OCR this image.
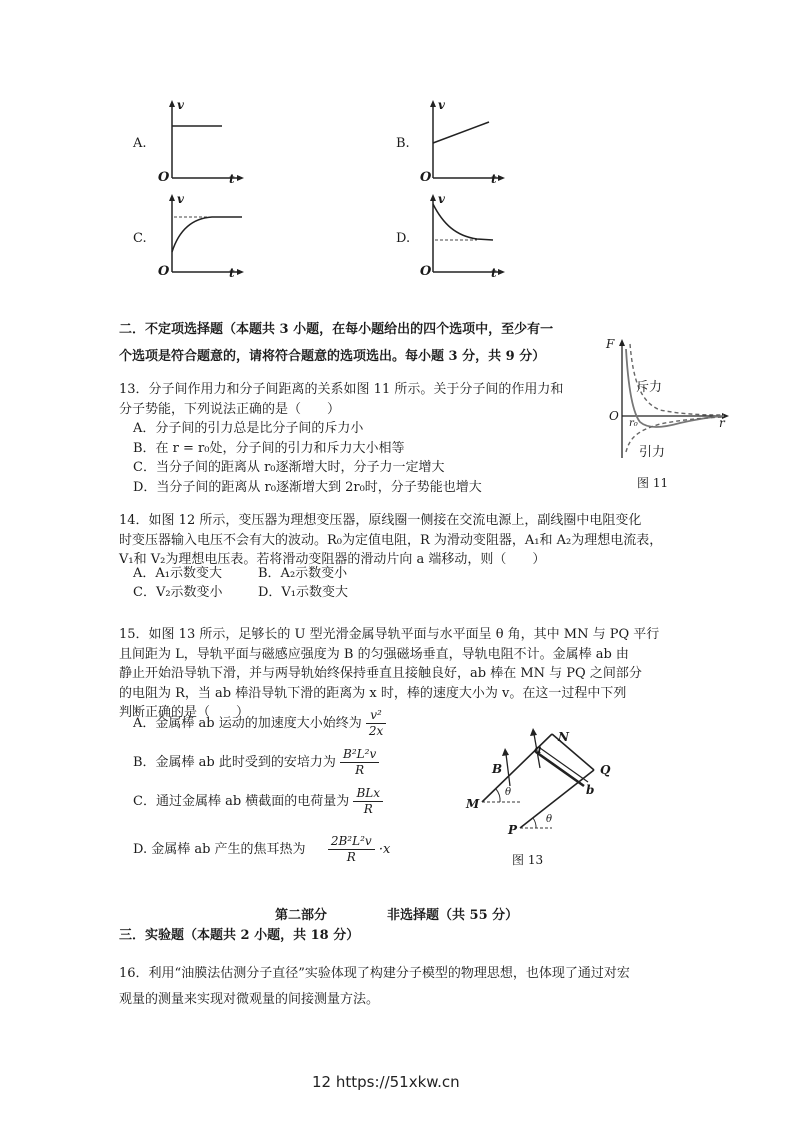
A.
v
O	t
B.
v
O	t
C.
v
O	t
D.
v
O	t
二．不定项选择题（本题共 3 小题，在每小题给出的四个选项中，至少有一
个选项是符合题意的，请将符合题意的选项选出。每小题 3 分，共 9 分）
13．分子间作用力和分子间距离的关系如图 11 所示。关于分子间的作用力和
分子势能，下列说法正确的是（　　）
A．分子间的引力总是比分子间的斥力小
B．在 r = r₀处，分子间的引力和斥力大小相等
C．当分子间的距离从 r₀逐渐增大时，分子力一定增大
D．当分子间的距离从 r₀逐渐增大到 2r₀时，分子势能也增大
F
O
r₀	r
斥力
引力
图 11
14．如图 12 所示，变压器为理想变压器，原线圈一侧接在交流电源上，副线圈中电阻变化
时变压器输入电压不会有大的波动。R₀为定值电阻，R 为滑动变阻器，A₁和 A₂为理想电流表，
V₁和 V₂为理想电压表。若将滑动变阻器的滑动片向 a 端移动，则（　　）
A．A₁示数变大	B．A₂示数变小
C．V₂示数变小	D．V₁示数变大
15．如图 13 所示，足够长的 U 型光滑金属导轨平面与水平面呈 θ 角，其中 MN 与 PQ 平行
且间距为 L，导轨平面与磁感应强度为 B 的匀强磁场垂直，导轨电阻不计。金属棒 ab 由
静止开始沿导轨下滑，并与两导轨始终保持垂直且接触良好，ab 棒在 MN 与 PQ 之间部分
的电阻为 R，当 ab 棒沿导轨下滑的距离为 x 时，棒的速度大小为 v。在这一过程中下列
判断正确的是（　　）
A．金属棒 ab 运动的加速度大小始终为 $\frac{\text{v²}}{2x}$
B．金属棒 ab 此时受到的安培力为 $\frac{\text{B²L²v}}{R}$
C．通过金属棒 ab 横截面的电荷量为 $\frac{\text{BLx}}{R}$
D. 金属棒 ab 产生的焦耳热为 $\frac{\text{2B²L²v}}{R} \cdot x$
B
a
N
Q
b
M
P
θ
θ
图 13
第二部分	非选择题（共 55 分）
三．实验题（本题共 2 小题，共 18 分）
16．利用“油膜法估测分子直径”实验体现了构建分子模型的物理思想，也体现了通过对宏
观量的测量来实现对微观量的间接测量方法。
12 https://51xkw.cn
